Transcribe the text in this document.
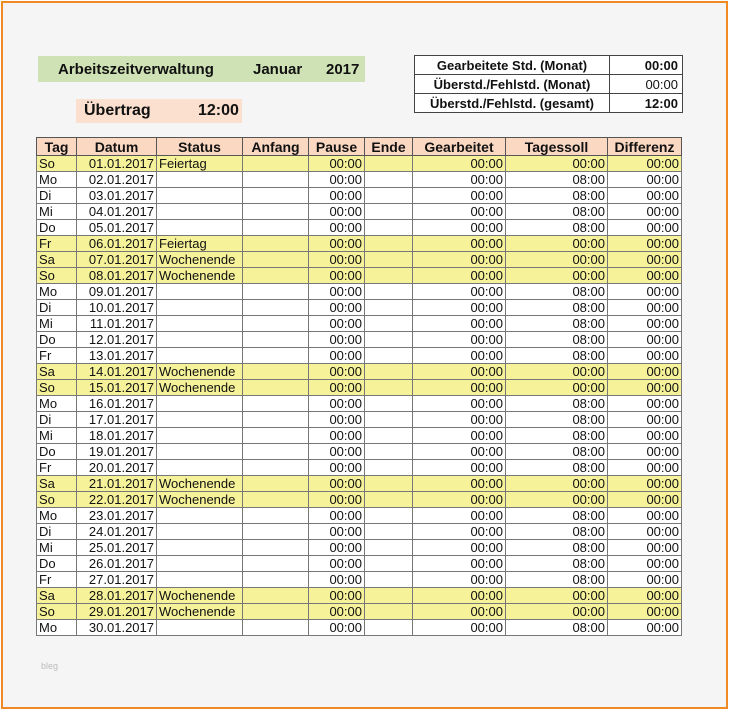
Arbeitszeitverwaltung	Januar 2017
Übertrag	12:00
Gearbeitete Std. (Monat)	00:00
Überstd./Fehlstd. (Monat)	00:00
Überstd./Fehlstd. (gesamt)	12:00
Tag	Datum	Status	Anfang	Pause	Ende	Gearbeitet	Tagessoll	Differenz
So	01.01.2017	Feiertag		00:00		00:00	00:00	00:00
Mo	02.01.2017			00:00		00:00	08:00	00:00
Di	03.01.2017			00:00		00:00	08:00	00:00
Mi	04.01.2017			00:00		00:00	08:00	00:00
Do	05.01.2017			00:00		00:00	08:00	00:00
Fr	06.01.2017	Feiertag		00:00		00:00	00:00	00:00
Sa	07.01.2017	Wochenende		00:00		00:00	00:00	00:00
So	08.01.2017	Wochenende		00:00		00:00	00:00	00:00
Mo	09.01.2017			00:00		00:00	08:00	00:00
Di	10.01.2017			00:00		00:00	08:00	00:00
Mi	11.01.2017			00:00		00:00	08:00	00:00
Do	12.01.2017			00:00		00:00	08:00	00:00
Fr	13.01.2017			00:00		00:00	08:00	00:00
Sa	14.01.2017	Wochenende		00:00		00:00	00:00	00:00
So	15.01.2017	Wochenende		00:00		00:00	00:00	00:00
Mo	16.01.2017			00:00		00:00	08:00	00:00
Di	17.01.2017			00:00		00:00	08:00	00:00
Mi	18.01.2017			00:00		00:00	08:00	00:00
Do	19.01.2017			00:00		00:00	08:00	00:00
Fr	20.01.2017			00:00		00:00	08:00	00:00
Sa	21.01.2017	Wochenende		00:00		00:00	00:00	00:00
So	22.01.2017	Wochenende		00:00		00:00	00:00	00:00
Mo	23.01.2017			00:00		00:00	08:00	00:00
Di	24.01.2017			00:00		00:00	08:00	00:00
Mi	25.01.2017			00:00		00:00	08:00	00:00
Do	26.01.2017			00:00		00:00	08:00	00:00
Fr	27.01.2017			00:00		00:00	08:00	00:00
Sa	28.01.2017	Wochenende		00:00		00:00	00:00	00:00
So	29.01.2017	Wochenende		00:00		00:00	00:00	00:00
Mo	30.01.2017			00:00		00:00	08:00	00:00
bleg
